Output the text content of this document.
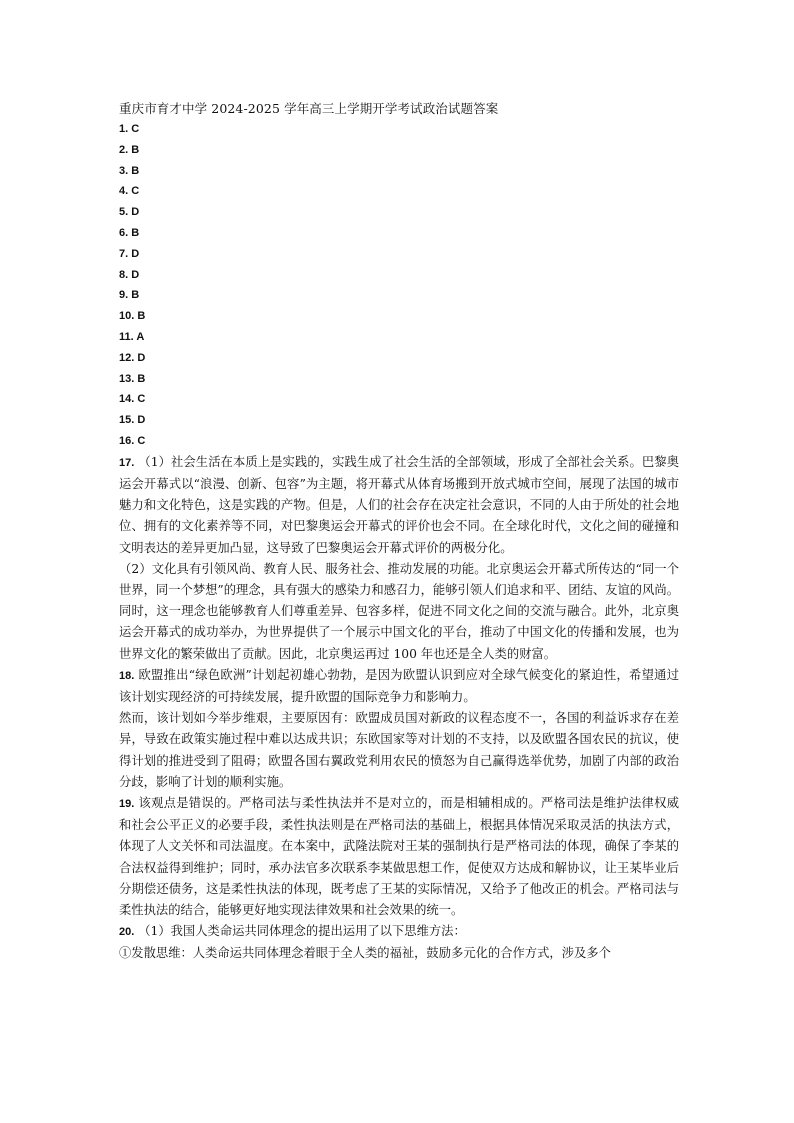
重庆市育才中学 2024-2025 学年高三上学期开学考试政治试题答案
1. C
2. B
3. B
4. C
5. D
6. B
7. D
8. D
9. B
10. B
11. A
12. D
13. B
14. C
15. D
16. C

17. （1）社会生活在本质上是实践的，实践生成了社会生活的全部领域，形成了全部社会关系。巴黎奥运会开幕式以“浪漫、创新、包容”为主题，将开幕式从体育场搬到开放式城市空间，展现了法国的城市魅力和文化特色，这是实践的产物。但是，人们的社会存在决定社会意识，不同的人由于所处的社会地位、拥有的文化素养等不同，对巴黎奥运会开幕式的评价也会不同。在全球化时代，文化之间的碰撞和文明表达的差异更加凸显，这导致了巴黎奥运会开幕式评价的两极分化。

（2）文化具有引领风尚、教育人民、服务社会、推动发展的功能。北京奥运会开幕式所传达的“同一个世界，同一个梦想”的理念，具有强大的感染力和感召力，能够引领人们追求和平、团结、友谊的风尚。同时，这一理念也能够教育人们尊重差异、包容多样，促进不同文化之间的交流与融合。此外，北京奥运会开幕式的成功举办，为世界提供了一个展示中国文化的平台，推动了中国文化的传播和发展，也为世界文化的繁荣做出了贡献。因此，北京奥运再过 100 年也还是全人类的财富。

18. 欧盟推出“绿色欧洲”计划起初雄心勃勃，是因为欧盟认识到应对全球气候变化的紧迫性，希望通过该计划实现经济的可持续发展，提升欧盟的国际竞争力和影响力。

然而，该计划如今举步维艰，主要原因有：欧盟成员国对新政的议程态度不一，各国的利益诉求存在差异，导致在政策实施过程中难以达成共识；东欧国家等对计划的不支持，以及欧盟各国农民的抗议，使得计划的推进受到了阻碍；欧盟各国右翼政党利用农民的愤怒为自己赢得选举优势，加剧了内部的政治分歧，影响了计划的顺利实施。

19. 该观点是错误的。严格司法与柔性执法并不是对立的，而是相辅相成的。严格司法是维护法律权威和社会公平正义的必要手段，柔性执法则是在严格司法的基础上，根据具体情况采取灵活的执法方式，体现了人文关怀和司法温度。在本案中，武隆法院对王某的强制执行是严格司法的体现，确保了李某的合法权益得到维护；同时，承办法官多次联系李某做思想工作，促使双方达成和解协议，让王某毕业后分期偿还债务，这是柔性执法的体现，既考虑了王某的实际情况，又给予了他改正的机会。严格司法与柔性执法的结合，能够更好地实现法律效果和社会效果的统一。

20. （1）我国人类命运共同体理念的提出运用了以下思维方法：

①发散思维：人类命运共同体理念着眼于全人类的福祉，鼓励多元化的合作方式，涉及多个
